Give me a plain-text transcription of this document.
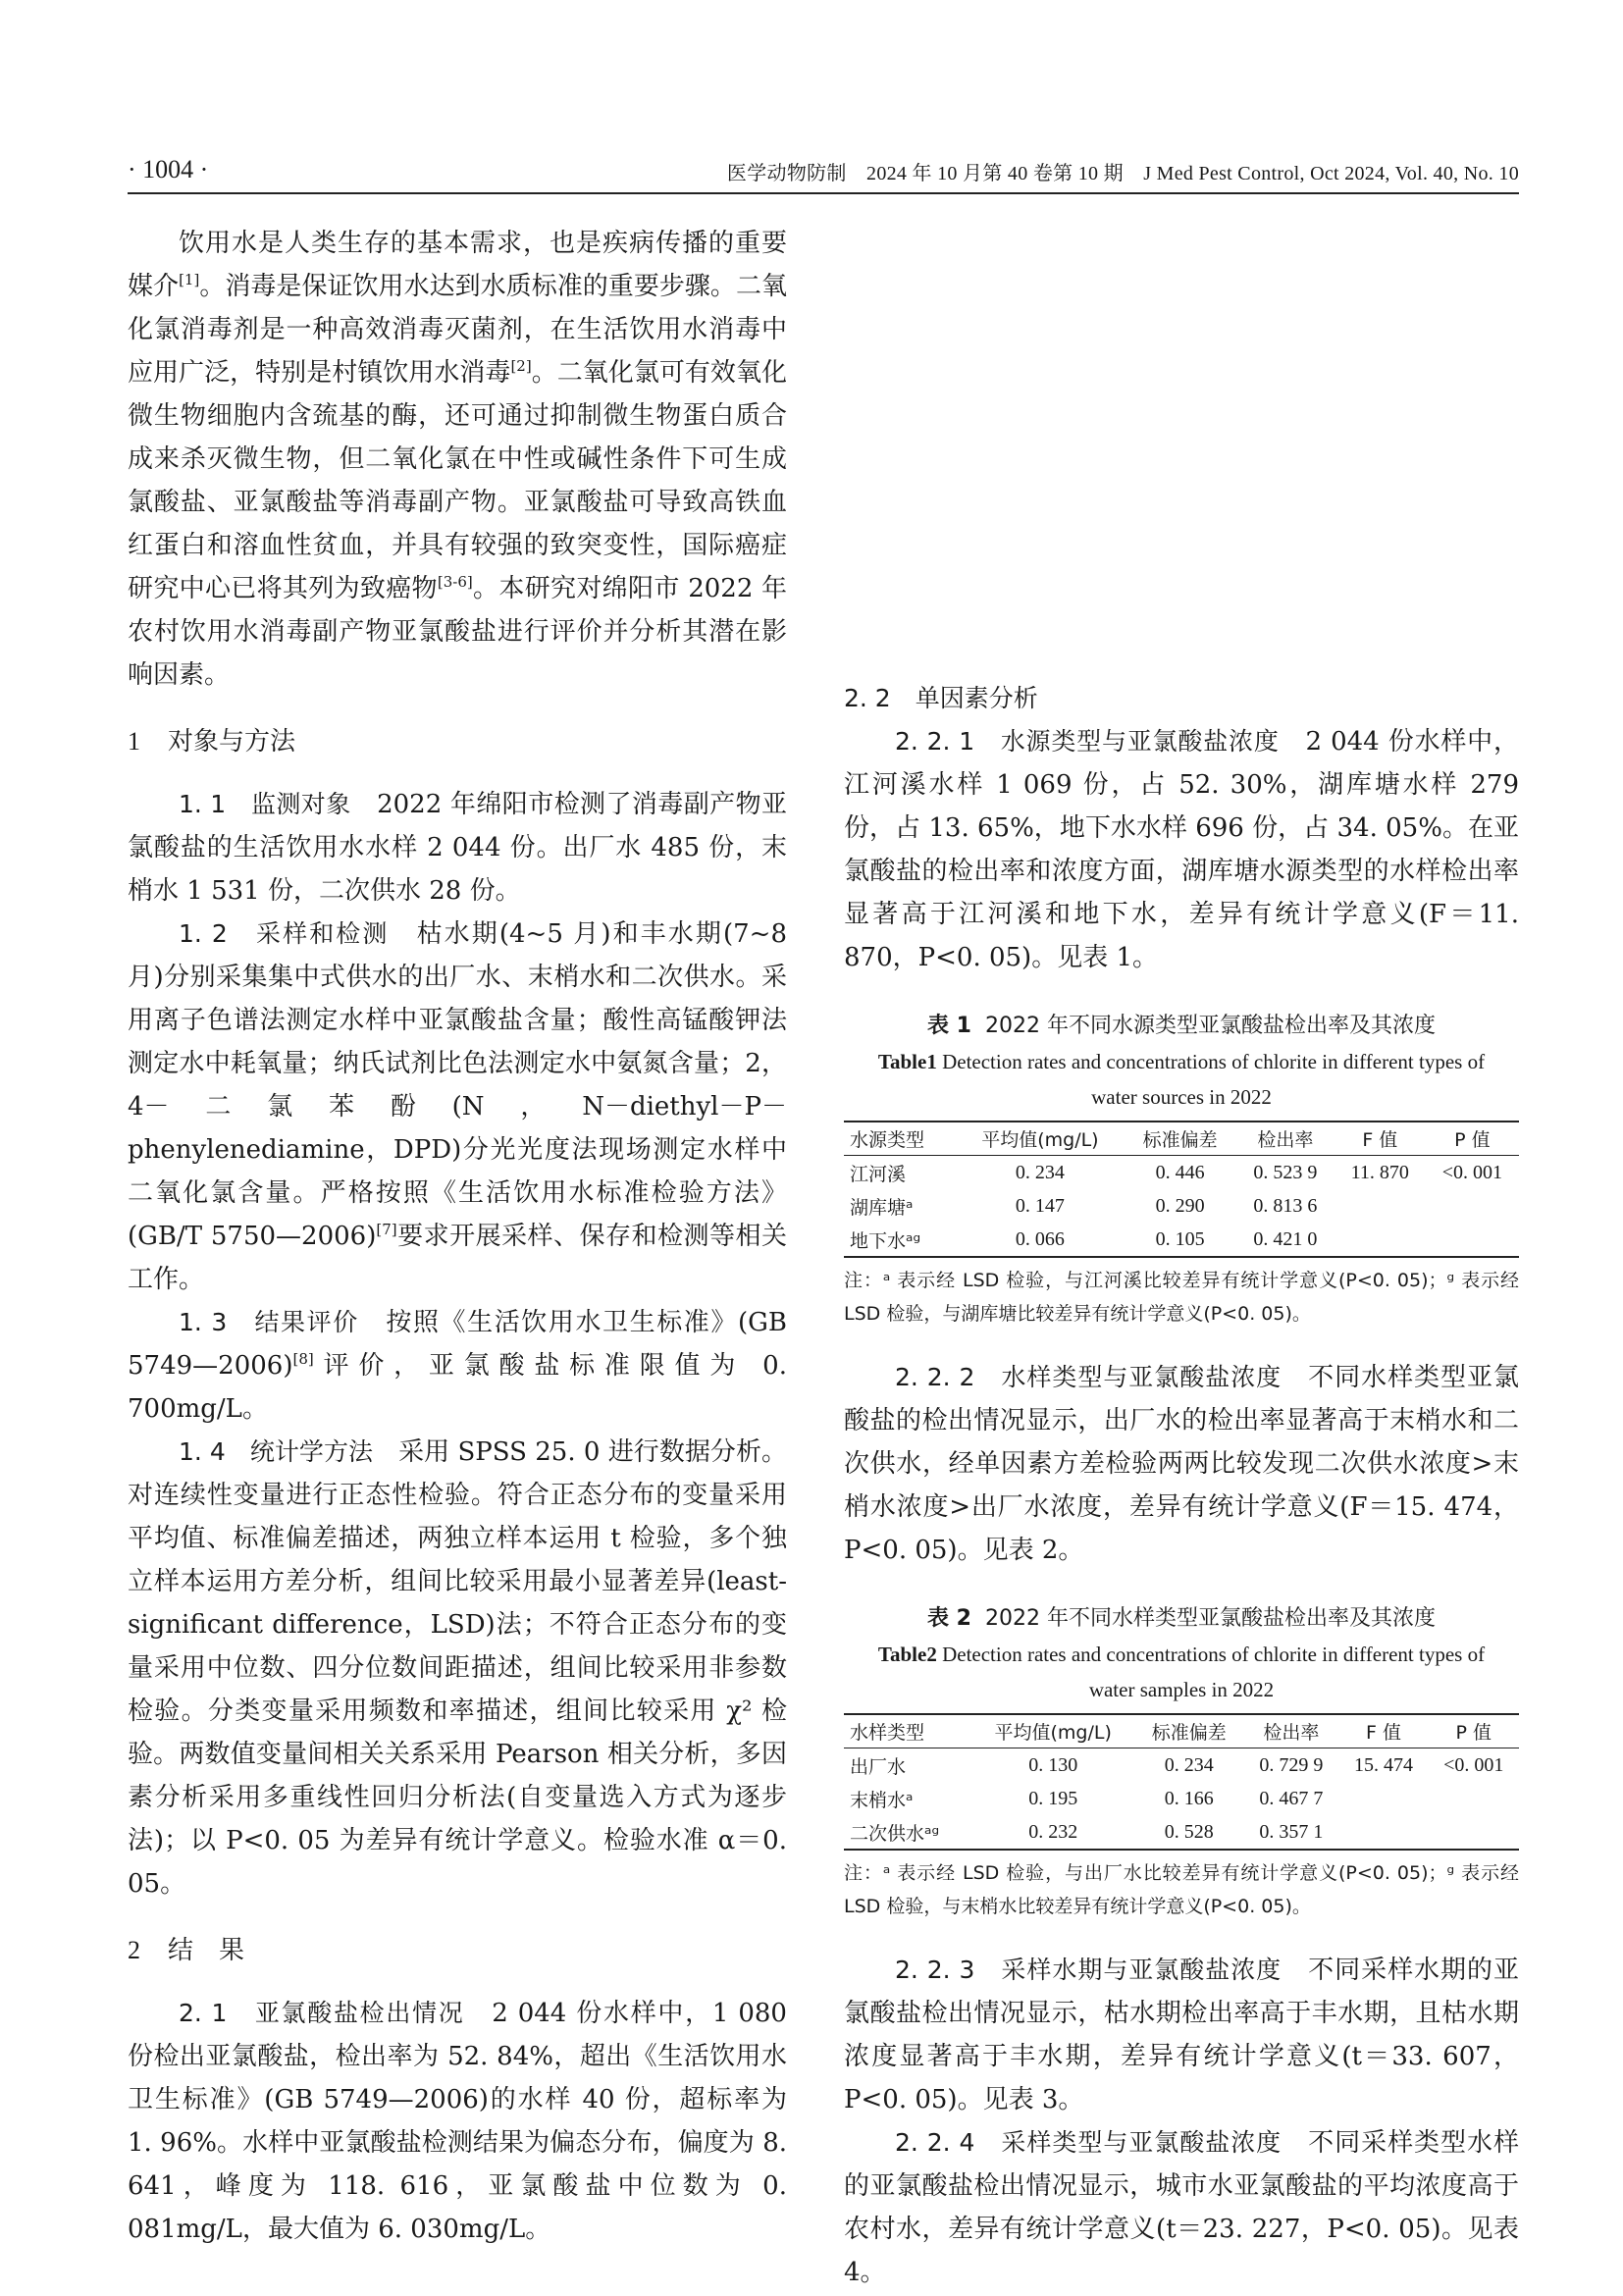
· 1004 ·	医学动物防制　2024 年 10 月第 40 卷第 10 期　J Med Pest Control, Oct 2024, Vol. 40, No. 10

饮用水是人类生存的基本需求，也是疾病传播的重要媒介[1]。消毒是保证饮用水达到水质标准的重要步骤。二氧化氯消毒剂是一种高效消毒灭菌剂，在生活饮用水消毒中应用广泛，特别是村镇饮用水消毒[2]。二氧化氯可有效氧化微生物细胞内含巯基的酶，还可通过抑制微生物蛋白质合成来杀灭微生物，但二氧化氯在中性或碱性条件下可生成氯酸盐、亚氯酸盐等消毒副产物。亚氯酸盐可导致高铁血红蛋白和溶血性贫血，并具有较强的致突变性，国际癌症研究中心已将其列为致癌物[3-6]。本研究对绵阳市 2022 年农村饮用水消毒副产物亚氯酸盐进行评价并分析其潜在影响因素。

1 对象与方法

1. 1　监测对象　2022 年绵阳市检测了消毒副产物亚氯酸盐的生活饮用水水样 2 044 份。出厂水 485 份，末梢水 1 531 份，二次供水 28 份。

1. 2　采样和检测　枯水期(4~5 月)和丰水期(7~8 月)分别采集集中式供水的出厂水、末梢水和二次供水。采用离子色谱法测定水样中亚氯酸盐含量；酸性高锰酸钾法测定水中耗氧量；纳氏试剂比色法测定水中氨氮含量；2，4－二氯苯酚(N，N－diethyl－P－phenylenediamine，DPD)分光光度法现场测定水样中二氧化氯含量。严格按照《生活饮用水标准检验方法》(GB/T 5750—2006)[7]要求开展采样、保存和检测等相关工作。

1. 3　结果评价　按照《生活饮用水卫生标准》(GB 5749—2006)[8]评价，亚氯酸盐标准限值为 0. 700mg/L。

1. 4　统计学方法　采用 SPSS 25. 0 进行数据分析。对连续性变量进行正态性检验。符合正态分布的变量采用平均值、标准偏差描述，两独立样本运用 t 检验，多个独立样本运用方差分析，组间比较采用最小显著差异(least-significant difference，LSD)法；不符合正态分布的变量采用中位数、四分位数间距描述，组间比较采用非参数检验。分类变量采用频数和率描述，组间比较采用 χ² 检验。两数值变量间相关关系采用 Pearson 相关分析，多因素分析采用多重线性回归分析法(自变量选入方式为逐步法)；以 P<0. 05 为差异有统计学意义。检验水准 α＝0. 05。

2 结　果

2. 1　亚氯酸盐检出情况　2 044 份水样中，1 080 份检出亚氯酸盐，检出率为 52. 84%，超出《生活饮用水卫生标准》(GB 5749—2006)的水样 40 份，超标率为 1. 96%。水样中亚氯酸盐检测结果为偏态分布，偏度为 8. 641，峰度为 118. 616，亚氯酸盐中位数为 0. 081mg/L，最大值为 6. 030mg/L。

2. 2　单因素分析

2. 2. 1　水源类型与亚氯酸盐浓度　2 044 份水样中，江河溪水样 1 069 份，占 52. 30%，湖库塘水样 279 份，占 13. 65%，地下水水样 696 份，占 34. 05%。在亚氯酸盐的检出率和浓度方面，湖库塘水源类型的水样检出率显著高于江河溪和地下水，差异有统计学意义(F＝11. 870，P<0. 05)。见表 1。

表 1 2022 年不同水源类型亚氯酸盐检出率及其浓度
Table1 Detection rates and concentrations of chlorite in different types of water sources in 2022
水源类型	平均值(mg/L)	标准偏差	检出率	F 值	P 值
江河溪	0. 234	0. 446	0. 523 9	11. 870	<0. 001
湖库塘ᵃ	0. 147	0. 290	0. 813 6		
地下水ᵃᵍ	0. 066	0. 105	0. 421 0		
注：ᵃ 表示经 LSD 检验，与江河溪比较差异有统计学意义(P<0. 05)；ᵍ 表示经 LSD 检验，与湖库塘比较差异有统计学意义(P<0. 05)。

2. 2. 2　水样类型与亚氯酸盐浓度　不同水样类型亚氯酸盐的检出情况显示，出厂水的检出率显著高于末梢水和二次供水，经单因素方差检验两两比较发现二次供水浓度>末梢水浓度>出厂水浓度，差异有统计学意义(F＝15. 474，P<0. 05)。见表 2。

表 2 2022 年不同水样类型亚氯酸盐检出率及其浓度
Table2 Detection rates and concentrations of chlorite in different types of water samples in 2022
水样类型	平均值(mg/L)	标准偏差	检出率	F 值	P 值
出厂水	0. 130	0. 234	0. 729 9	15. 474	<0. 001
末梢水ᵃ	0. 195	0. 166	0. 467 7		
二次供水ᵃᵍ	0. 232	0. 528	0. 357 1		
注：ᵃ 表示经 LSD 检验，与出厂水比较差异有统计学意义(P<0. 05)；ᵍ 表示经 LSD 检验，与末梢水比较差异有统计学意义(P<0. 05)。

2. 2. 3　采样水期与亚氯酸盐浓度　不同采样水期的亚氯酸盐检出情况显示，枯水期检出率高于丰水期，且枯水期浓度显著高于丰水期，差异有统计学意义(t＝33. 607，P<0. 05)。见表 3。

2. 2. 4　采样类型与亚氯酸盐浓度　不同采样类型水样的亚氯酸盐检出情况显示，城市水亚氯酸盐的平均浓度高于农村水，差异有统计学意义(t＝23. 227，P<0. 05)。见表 4。
